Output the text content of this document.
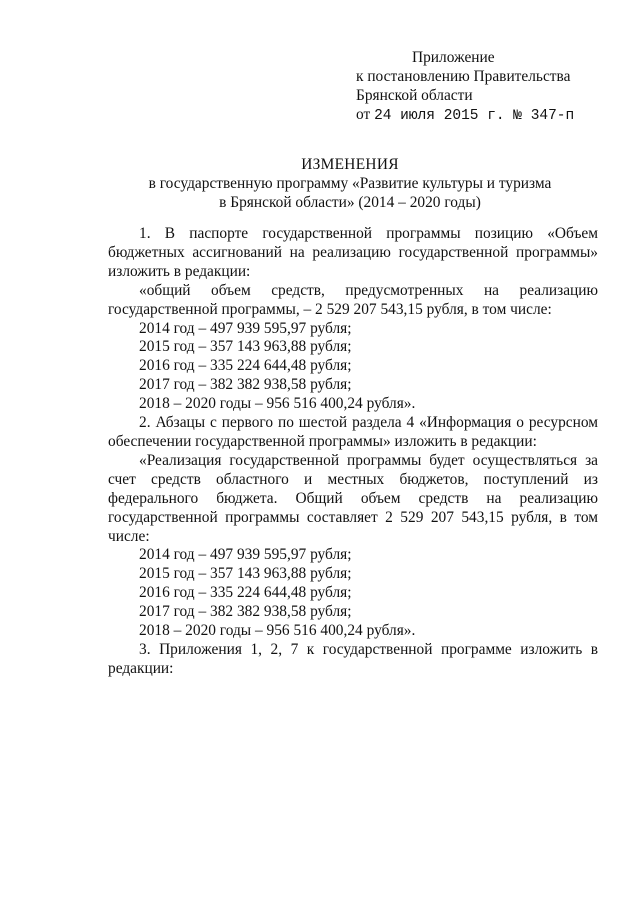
Приложение
к постановлению Правительства
Брянской области
от 24 июля 2015 г. № 347-п
ИЗМЕНЕНИЯ
в государственную программу «Развитие культуры и туризма
в Брянской области» (2014 – 2020 годы)
1. В паспорте государственной программы позицию «Объем бюджетных ассигнований на реализацию государственной программы» изложить в редакции:
«общий объем средств, предусмотренных на реализацию государственной программы, – 2 529 207 543,15 рубля, в том числе:
2014 год – 497 939 595,97 рубля;
2015 год – 357 143 963,88 рубля;
2016 год – 335 224 644,48 рубля;
2017 год – 382 382 938,58 рубля;
2018 – 2020 годы – 956 516 400,24 рубля».
2. Абзацы с первого по шестой раздела 4 «Информация о ресурсном обеспечении государственной программы» изложить в редакции:
«Реализация государственной программы будет осуществляться за счет средств областного и местных бюджетов, поступлений из федерального бюджета. Общий объем средств на реализацию государственной программы составляет 2 529 207 543,15 рубля, в том числе:
2014 год – 497 939 595,97 рубля;
2015 год – 357 143 963,88 рубля;
2016 год – 335 224 644,48 рубля;
2017 год – 382 382 938,58 рубля;
2018 – 2020 годы – 956 516 400,24 рубля».
3. Приложения 1, 2, 7 к государственной программе изложить в редакции:
